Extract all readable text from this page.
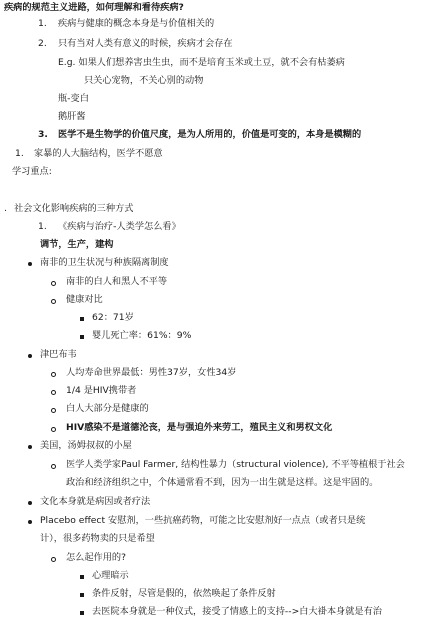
疾病的规范主义进路，如何理解和看待疾病?
1. 疾病与健康的概念本身是与价值相关的
2. 只有当对人类有意义的时候，疾病才会存在
E.g. 如果人们想养害虫生虫，而不是培育玉米或土豆，就不会有枯萎病
只关心宠物，不关心别的动物
瓶-变白
鹅肝酱
3. 医学不是生物学的价值尺度，是为人所用的，价值是可变的，本身是模糊的
1. 家暴的人大脑结构，医学不愿意
学习重点:
. 社会文化影响疾病的三种方式
1. 《疾病与治疗-人类学怎么看》
调节，生产，建构
南非的卫生状况与种族隔离制度
南非的白人和黑人不平等
健康对比
62：71岁
婴儿死亡率：61%：9%
津巴布韦
人均寿命世界最低：男性37岁，女性34岁
1/4 是HIV携带者
白人大部分是健康的
HIV感染不是道德沦丧，是与强迫外来劳工，殖民主义和男权文化
美国，汤姆叔叔的小屋
医学人类学家Paul Farmer, 结构性暴力（structural violence), 不平等植根于社会
政治和经济组织之中，个体通常看不到，因为一出生就是这样。这是牢固的。
文化本身就是病因或者疗法
Placebo effect 安慰剂，一些抗癌药物，可能之比安慰剂好一点点（或者只是统
计），很多药物卖的只是希望
怎么起作用的?
心理暗示
条件反射，尽管是假的，依然唤起了条件反射
去医院本身就是一种仪式，接受了情感上的支持-->白大褂本身就是有治
